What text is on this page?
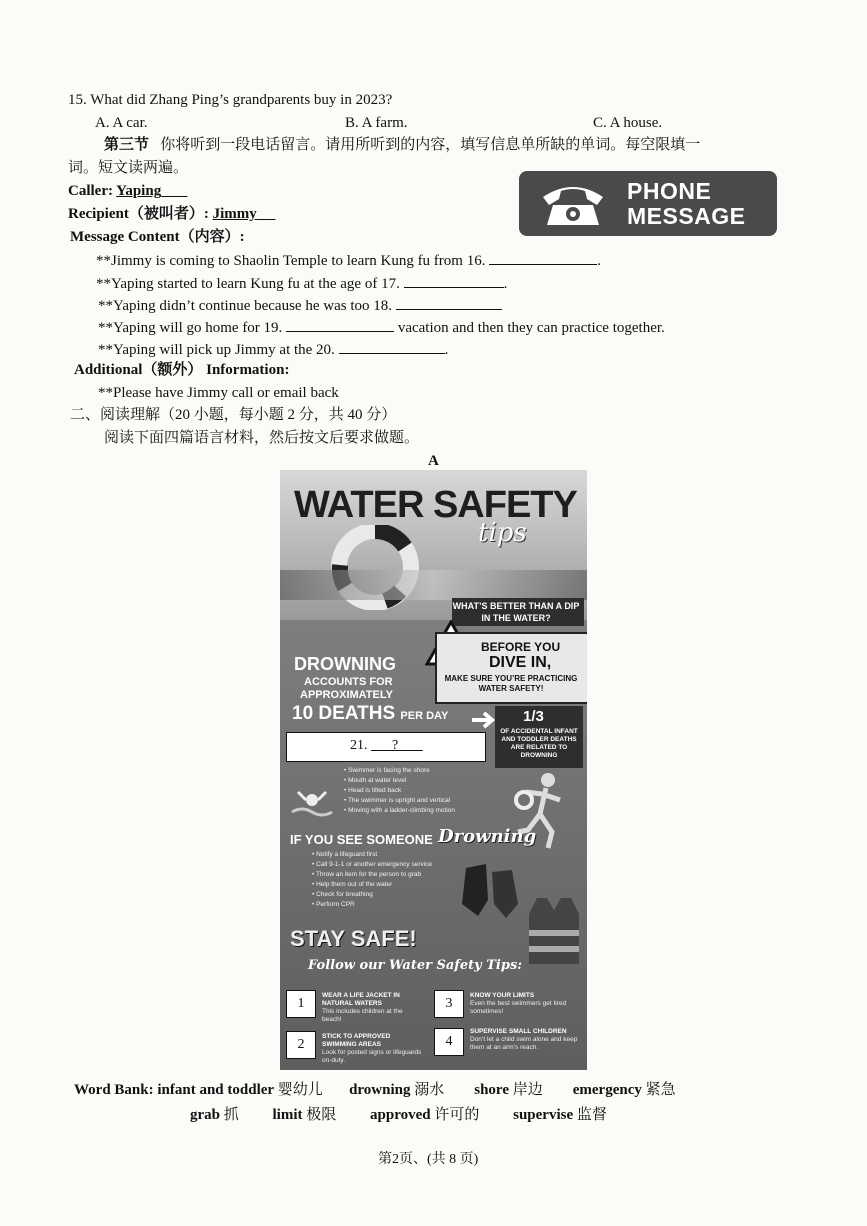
15. What did Zhang Ping’s grandparents buy in 2023?
A. A car.	B. A farm.	C. A house.
第三节 你将听到一段电话留言。请用所听到的内容，填写信息单所缺的单词。每空限填一
词。短文读两遍。
PHONE
MESSAGE
Caller: Yaping
Recipient（被叫者）: Jimmy
Message Content（内容）:
**Jimmy is coming to Shaolin Temple to learn Kung fu from 16.	.
**Yaping started to learn Kung fu at the age of 17.	.
**Yaping didn’t continue because he was too 18.
**Yaping will go home for 19.	vacation and then they can practice together.
**Yaping will pick up Jimmy at the 20.	.
Additional（额外） Information:
**Please have Jimmy call or email back
二、阅读理解（20 小题，每小题 2 分，共 40 分）
阅读下面四篇语言材料，然后按文后要求做题。
A
WATER SAFETY
tips
WHAT’S BETTER THAN A DIP IN THE WATER?
BEFORE YOU
DIVE IN,
MAKE SURE YOU’RE PRACTICING WATER SAFETY!
DROWNING
ACCOUNTS FOR
APPROXIMATELY
10 DEATHS PER DAY	1/3
OF ACCIDENTAL INFANT AND TODDLER DEATHS ARE RELATED TO DROWNING
21. ?
• Swimmer is facing the shore
• Mouth at water level
• Head is tilted back
• The swimmer is upright and vertical
• Moving with a ladder-climbing motion
IF YOU SEE SOMEONE Drowning
• Notify a lifeguard first
• Call 9-1-1 or another emergency service
• Throw an item for the person to grab
• Help them out of the water
• Check for breathing
• Perform CPR
STAY SAFE!
Follow our Water Safety Tips:
1
WEAR A LIFE JACKET IN NATURAL WATERS
This includes children at the beach!
2
STICK TO APPROVED SWIMMING AREAS
Look for posted signs or lifeguards on-duty.
3
KNOW YOUR LIMITS
Even the best swimmers get tired sometimes!
4
SUPERVISE SMALL CHILDREN
Don’t let a child swim alone and keep them at an arm’s reach.
Word Bank: infant and toddler 婴幼儿 drowning 溺水 shore 岸边 emergency 紧急
grab 抓 limit 极限 approved 许可的 supervise 监督
第2页、(共 8 页)
